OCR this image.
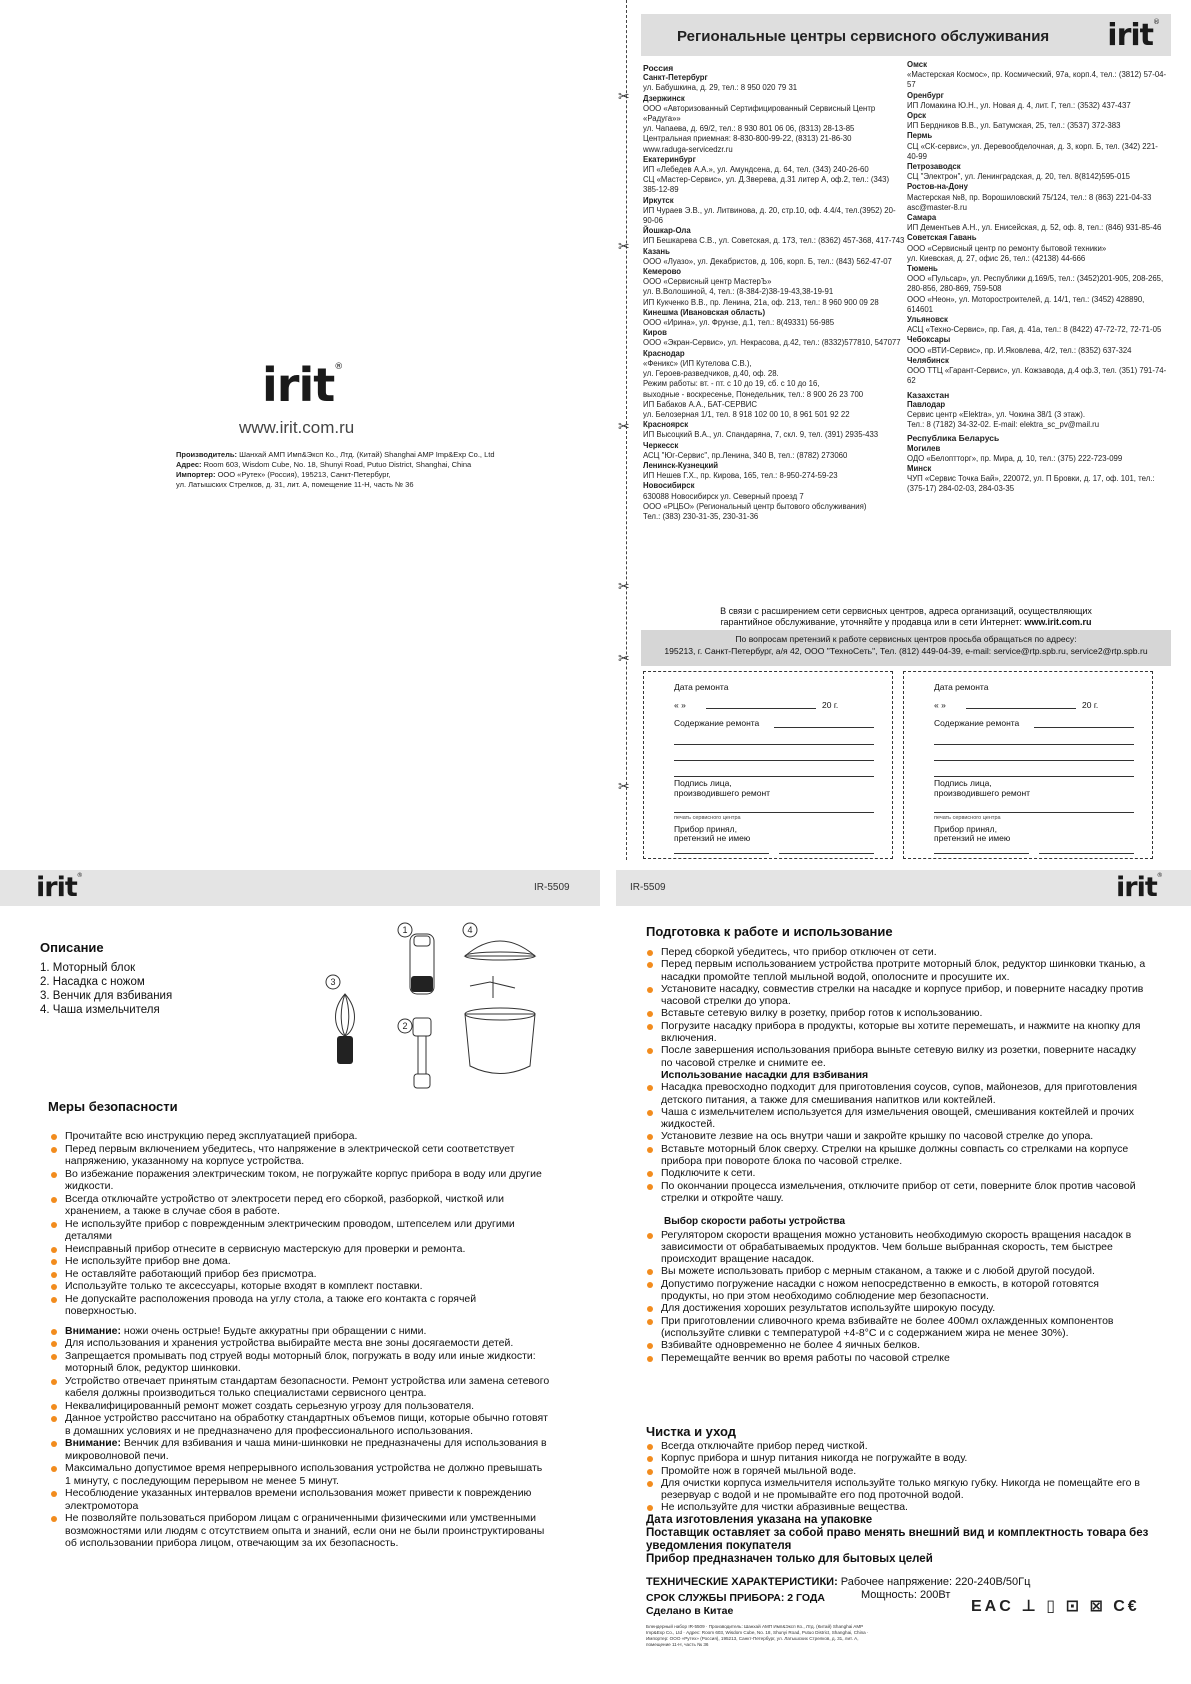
irit®
www.irit.com.ru
Производитель: Шанхай АМП Имп&Эксп Ко., Лтд. (Китай) Shanghai AMP Imp&Exp Co., Ltd
Адрес: Room 603, Wisdom Cube, No. 18, Shunyi Road, Putuo District, Shanghai, China
Импортер: ООО «Рутех» (Россия), 195213, Санкт-Петербург,
ул. Латышских Стрелков, д. 31, лит. А, помещение 11-Н, часть № 36
✂
✂
✂
✂
✂
✂
Региональные центры сервисного обслуживания irit®
Россия
Санкт-Петербург
ул. Бабушкина, д. 29, тел.: 8 950 020 79 31
Дзержинск
ООО «Авторизованный Сертифицированный Сервисный Центр «Радуга»»
ул. Чапаева, д. 69/2, тел.: 8 930 801 06 06, (8313) 28-13-85
Центральная приемная: 8-830-800-99-22, (8313) 21-86-30
www.raduga-servicedzr.ru
Екатеринбург
ИП «Лебедев А.А.», ул. Амундсена, д. 64, тел. (343) 240-26-60
СЦ «Мастер-Сервис», ул. Д.Зверева, д.31 литер А, оф.2, тел.: (343) 385-12-89
Иркутск
ИП Чураев Э.В., ул. Литвинова, д. 20, стр.10, оф. 4.4/4, тел.(3952) 20-90-06
Йошкар-Ола
ИП Бешкарева С.В., ул. Советская, д. 173, тел.: (8362) 457-368, 417-743
Казань
ООО «Луазо», ул. Декабристов, д. 106, корп. Б, тел.: (843) 562-47-07
Кемерово
ООО «Сервисный центр МастерЪ»
ул. В.Волошиной, 4, тел.: (8-384-2)38-19-43,38-19-91
ИП Кукченко В.В., пр. Ленина, 21а, оф. 213, тел.: 8 960 900 09 28
Кинешма (Ивановская область)
ООО «Ирина», ул. Фрунзе, д.1, тел.: 8(49331) 56-985
Киров
ООО «Экран-Сервис», ул. Некрасова, д.42, тел.: (8332)577810, 547077
Краснодар
«Феникс» (ИП Кутелова С.В.),
ул. Героев-разведчиков, д.40, оф. 28.
Режим работы: вт. - пт. с 10 до 19, сб. с 10 до 16,
выходные - воскресенье, Понедельник, тел.: 8 900 26 23 700
ИП Бабаков А.А., БАТ-СЕРВИС
ул. Белозерная 1/1, тел. 8 918 102 00 10, 8 961 501 92 22
Красноярск
ИП Высоцкий В.А., ул. Спандаряна, 7, скл. 9, тел. (391) 2935-433
Черкесск
АСЦ "Юг-Сервис", пр.Ленина, 340 В, тел.: (8782) 273060
Ленинск-Кузнецкий
ИП Нешев Г.Х., пр. Кирова, 165, тел.: 8-950-274-59-23
Новосибирск
630088 Новосибирск ул. Северный проезд 7
ООО «РЦБО» (Региональный центр бытового обслуживания)
Тел.: (383) 230-31-35, 230-31-36
Омск
«Мастерская Космос», пр. Космический, 97а, корп.4, тел.: (3812) 57-04-57
Оренбург
ИП Ломакина Ю.Н., ул. Новая д. 4, лит. Г, тел.: (3532) 437-437
Орск
ИП Бердников В.В., ул. Батумская, 25, тел.: (3537) 372-383
Пермь
СЦ «СК-сервис», ул. Деревообделочная, д. 3, корп. Б, тел. (342) 221-40-99
Петрозаводск
СЦ "Электрон", ул. Ленинградская, д. 20, тел. 8(8142)595-015
Ростов-на-Дону
Мастерская №8, пр. Ворошиловский 75/124, тел.: 8 (863) 221-04-33
asc@master-8.ru
Самара
ИП Дементьев А.Н., ул. Енисейская, д. 52, оф. 8, тел.: (846) 931-85-46
Советская Гавань
ООО «Сервисный центр по ремонту бытовой техники»
ул. Киевская, д. 27, офис 26, тел.: (42138) 44-666
Тюмень
ООО «Пульсар», ул. Республики д.169/5, тел.: (3452)201-905, 208-265,
280-856, 280-869, 759-508
ООО «Неон», ул. Моторостроителей, д. 14/1, тел.: (3452) 428890, 614601
Ульяновск
АСЦ «Техно-Сервис», пр. Гая, д. 41а, тел.: 8 (8422) 47-72-72, 72-71-05
Чебоксары
ООО «ВТИ-Сервис», пр. И.Яковлева, 4/2, тел.: (8352) 637-324
Челябинск
ООО ТТЦ «Гарант-Сервис», ул. Кожзавода, д.4 оф.3, тел. (351) 791-74-62
Казахстан
Павлодар
Сервис центр «Elektra», ул. Чокина 38/1 (3 этаж).
Тел.: 8 (7182) 34-32-02. E-mail: elektra_sc_pv@mail.ru
Республика Беларусь
Могилев
ОДО «Белоптторг», пр. Мира, д. 10, тел.: (375) 222-723-099
Минск
ЧУП «Сервис Точка Бай», 220072, ул. П Бровки, д. 17, оф. 101, тел.: (375-17) 284-02-03, 284-03-35
В связи с расширением сети сервисных центров, адреса организаций, осуществляющих
гарантийное обслуживание, уточняйте у продавца или в сети Интернет: www.irit.com.ru
По вопросам претензий к работе сервисных центров просьба обращаться по адресу:
195213, г. Санкт-Петербург, а/я 42, ООО "ТехноСеть", Тел. (812) 449-04-39, e-mail: service@rtp.spb.ru, service2@rtp.spb.ru
Дата ремонта
« »	20 г.
Содержание ремонта
Подпись лица,
производившего ремонт
печать сервисного центра
Прибор принял,
претензий не имею
Дата ремонта
« »	20 г.
Содержание ремонта
Подпись лица,
производившего ремонт
печать сервисного центра
Прибор принял,
претензий не имею
irit®
IR-5509	IR-5509	irit®
Описание
1. Моторный блок
2. Насадка с ножом
3. Венчик для взбивания
4. Чаша измельчителя
1
2
3
4
Меры безопасности
Прочитайте всю инструкцию перед эксплуатацией прибора.
Перед первым включением убедитесь, что напряжение в электрической сети соответствует напряжению, указанному на корпусе устройства.
Во избежание поражения электрическим током, не погружайте корпус прибора в воду или другие жидкости.
Всегда отключайте устройство от электросети перед его сборкой, разборкой, чисткой или хранением, а также в случае сбоя в работе.
Не используйте прибор с поврежденным электрическим проводом, штепселем или другими деталями
Неисправный прибор отнесите в сервисную мастерскую для проверки и ремонта.
Не используйте прибор вне дома.
Не оставляйте работающий прибор без присмотра.
Используйте только те аксессуары, которые входят в комплект поставки.
Не допускайте расположения провода на углу стола, а также его контакта с горячей поверхностью.
Внимание: ножи очень острые! Будьте аккуратны при обращении с ними.
Для использования и хранения устройства выбирайте места вне зоны досягаемости детей.
Запрещается промывать под струей воды моторный блок, погружать в воду или иные жидкости: моторный блок, редуктор шинковки.
Устройство отвечает принятым стандартам безопасности. Ремонт устройства или замена сетевого кабеля должны производиться только специалистами сервисного центра.
Неквалифицированный ремонт может создать серьезную угрозу для пользователя.
Данное устройство рассчитано на обработку стандартных объемов пищи, которые обычно готовят в домашних условиях и не предназначено для профессионального использования.
Внимание: Венчик для взбивания и чаша мини-шинковки не предназначены для использования в микроволновой печи.
Максимально допустимое время непрерывного использования устройства не должно превышать 1 минуту, с последующим перерывом не менее 5 минут.
Несоблюдение указанных интервалов времени использования может привести к повреждению электромотора
Не позволяйте пользоваться прибором лицам с ограниченными физическими или умственными возможностями или людям с отсутствием опыта и знаний, если они не были проинструктированы об использовании прибора лицом, отвечающим за их безопасность.
Подготовка к работе и использование
Перед сборкой убедитесь, что прибор отключен от сети.
Перед первым использованием устройства протрите моторный блок, редуктор шинковки тканью, а насадки промойте теплой мыльной водой, ополосните и просушите их.
Установите насадку, совместив стрелки на насадке и корпусе прибор, и поверните насадку против часовой стрелки до упора.
Вставьте сетевую вилку в розетку, прибор готов к использованию.
Погрузите насадку прибора в продукты, которые вы хотите перемешать, и нажмите на кнопку для включения.
После завершения использования прибора выньте сетевую вилку из розетки, поверните насадку по часовой стрелке и снимите ее.
Использование насадки для взбивания
Насадка превосходно подходит для приготовления соусов, супов, майонезов, для приготовления детского питания, а также для смешивания напитков или коктейлей.
Чаша с измельчителем используется для измельчения овощей, смешивания коктейлей и прочих жидкостей.
Установите лезвие на ось внутри чаши и закройте крышку по часовой стрелке до упора.
Вставьте моторный блок сверху. Стрелки на крышке должны совпасть со стрелками на корпусе прибора при повороте блока по часовой стрелке.
Подключите к сети.
По окончании процесса измельчения, отключите прибор от сети, поверните блок против часовой стрелки и откройте чашу.
Выбор скорости работы устройства
Регулятором скорости вращения можно установить необходимую скорость вращения насадок в зависимости от обрабатываемых продуктов. Чем больше выбранная скорость, тем быстрее происходит вращение насадок.
Вы можете использовать прибор с мерным стаканом, а также и с любой другой посудой.
Допустимо погружение насадки с ножом непосредственно в емкость, в которой готовятся продукты, но при этом необходимо соблюдение мер безопасности.
Для достижения хороших результатов используйте широкую посуду.
При приготовлении сливочного крема взбивайте не более 400мл охлажденных компонентов (используйте сливки с температурой +4-8°С и с содержанием жира не менее 30%).
Взбивайте одновременно не более 4 яичных белков.
Перемещайте венчик во время работы по часовой стрелке
Чистка и уход
Всегда отключайте прибор перед чисткой.
Корпус прибора и шнур питания никогда не погружайте в воду.
Промойте нож в горячей мыльной воде.
Для очистки корпуса измельчителя используйте только мягкую губку. Никогда не помещайте его в резервуар с водой и не промывайте его под проточной водой.
Не используйте для чистки абразивные вещества.
Дата изготовления указана на упаковке
Поставщик оставляет за собой право менять внешний вид и комплектность товара без уведомления покупателя
Прибор предназначен только для бытовых целей
ТЕХНИЧЕСКИЕ ХАРАКТЕРИСТИКИ: Рабочее напряжение: 220-240В/50Гц
Мощность: 200Вт
СРОК СЛУЖБЫ ПРИБОРА: 2 ГОДА
Сделано в Китае
Блендерный набор IR-5509 · Производитель: Шанхай АМП Имп&Эксп Ко., Лтд. (Китай) Shanghai AMP Imp&Exp Co., Ltd · Адрес: Room 603, Wisdom Cube, No. 18, Shunyi Road, Putuo District, Shanghai, China · Импортер: ООО «Рутех» (Россия), 195213, Санкт-Петербург, ул. Латышских Стрелков, д. 31, лит. А, помещение 11-Н, часть № 36
EAC ⊥ ▯ ⊡ ⊠ C€
